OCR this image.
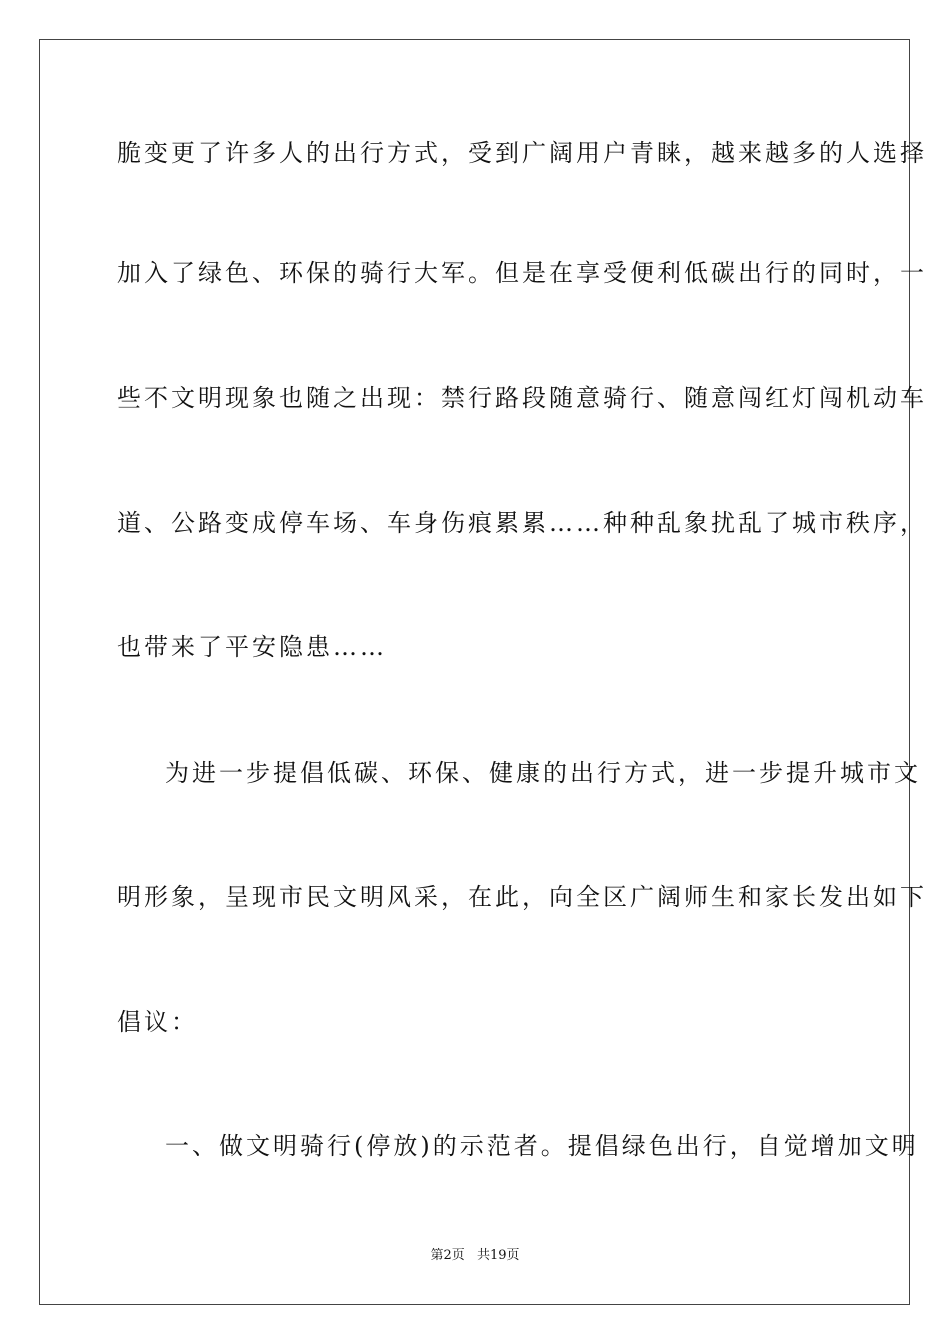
脆变更了许多人的出行方式，受到广阔用户青睐，越来越多的人选择
加入了绿色、环保的骑行大军。但是在享受便利低碳出行的同时，一
些不文明现象也随之出现：禁行路段随意骑行、随意闯红灯闯机动车
道、公路变成停车场、车身伤痕累累……种种乱象扰乱了城市秩序，
也带来了平安隐患……
为进一步提倡低碳、环保、健康的出行方式，进一步提升城市文
明形象，呈现市民文明风采，在此，向全区广阔师生和家长发出如下
倡议：
一、做文明骑行(停放)的示范者。提倡绿色出行，自觉增加文明
第2页 共19页
